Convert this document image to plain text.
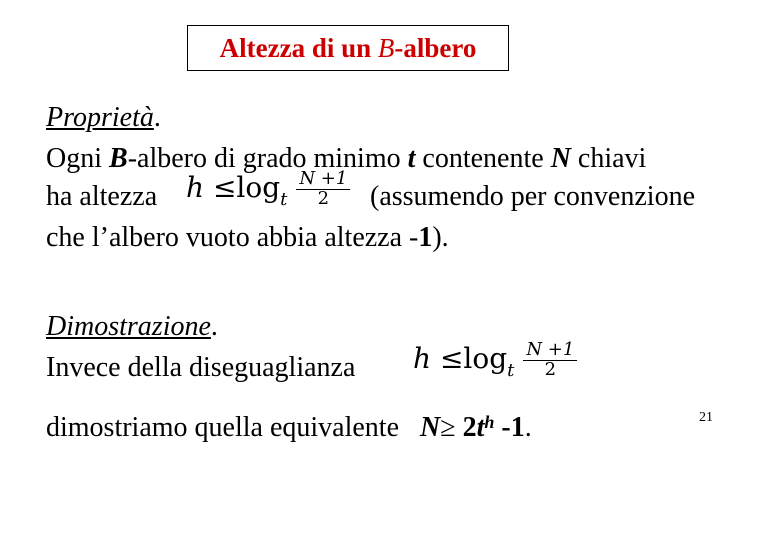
Altezza di un
B -albero
Proprietà.
Ogni B-albero di grado minimo t contenente N chiavi
ha altezza $h \le\log_t \frac{N +1}{2}$ (assumendo per convenzione
che l’albero vuoto abbia altezza -1).
Dimostrazione.
Invece della diseguaglianza $h \le\log_t \frac{N +1}{2}$
dimostriamo quella equivalente $N\ge 2t^h$ -1.	21
